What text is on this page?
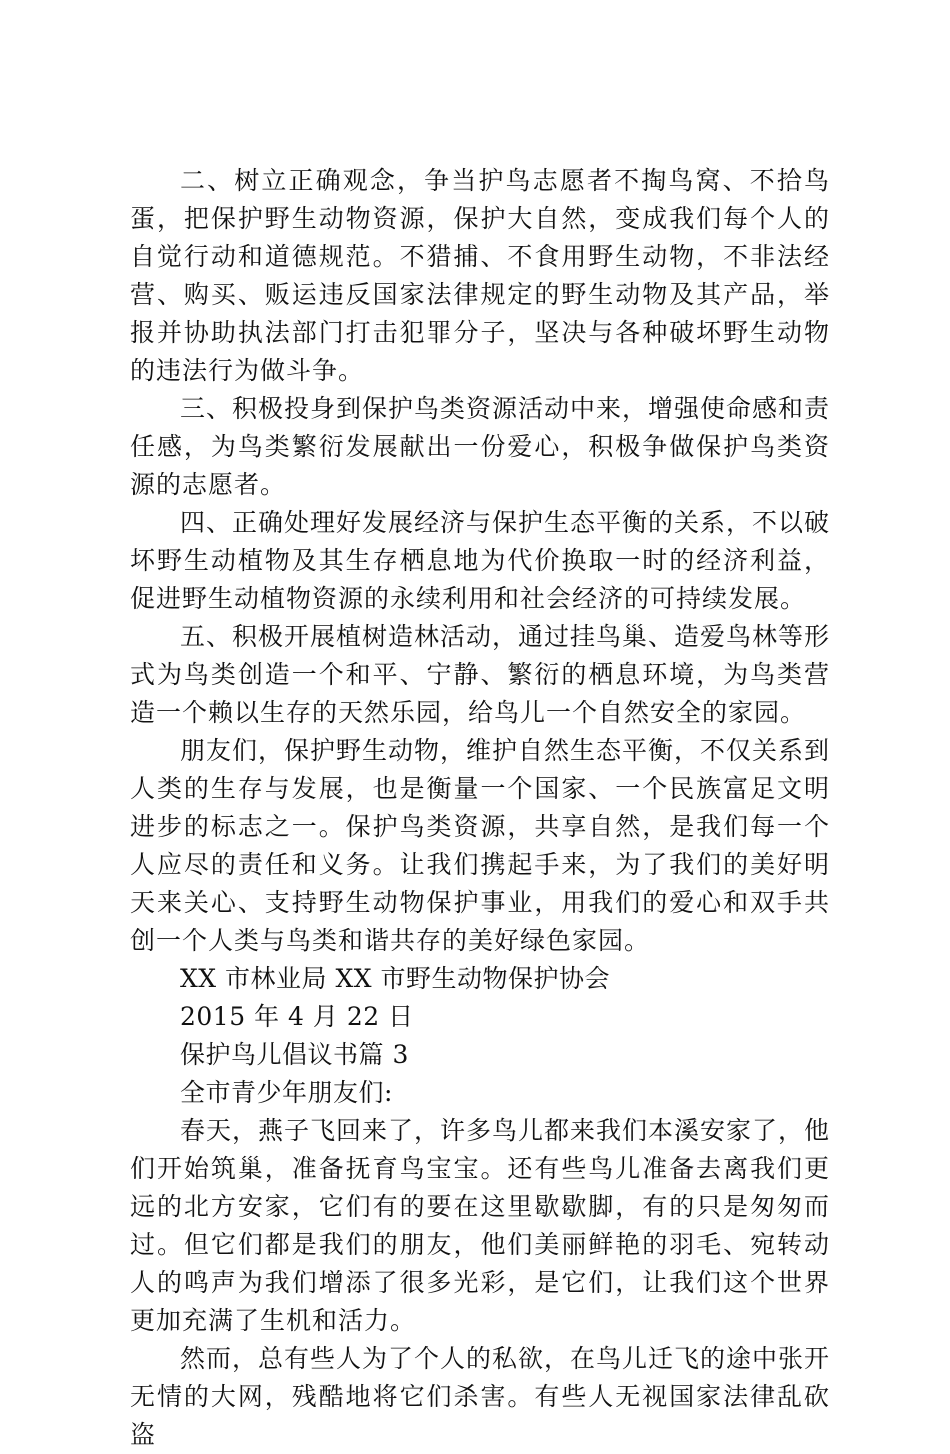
二、树立正确观念，争当护鸟志愿者不掏鸟窝、不拾鸟蛋，把保护野生动物资源，保护大自然，变成我们每个人的自觉行动和道德规范。不猎捕、不食用野生动物，不非法经营、购买、贩运违反国家法律规定的野生动物及其产品，举报并协助执法部门打击犯罪分子，坚决与各种破坏野生动物的违法行为做斗争。

三、积极投身到保护鸟类资源活动中来，增强使命感和责任感，为鸟类繁衍发展献出一份爱心，积极争做保护鸟类资源的志愿者。

四、正确处理好发展经济与保护生态平衡的关系，不以破坏野生动植物及其生存栖息地为代价换取一时的经济利益，促进野生动植物资源的永续利用和社会经济的可持续发展。

五、积极开展植树造林活动，通过挂鸟巢、造爱鸟林等形式为鸟类创造一个和平、宁静、繁衍的栖息环境，为鸟类营造一个赖以生存的天然乐园，给鸟儿一个自然安全的家园。

朋友们，保护野生动物，维护自然生态平衡，不仅关系到人类的生存与发展，也是衡量一个国家、一个民族富足文明进步的标志之一。保护鸟类资源，共享自然，是我们每一个人应尽的责任和义务。让我们携起手来，为了我们的美好明天来关心、支持野生动物保护事业，用我们的爱心和双手共创一个人类与鸟类和谐共存的美好绿色家园。

XX 市林业局 XX 市野生动物保护协会

2015 年 4 月 22 日

保护鸟儿倡议书篇 3

全市青少年朋友们:

春天，燕子飞回来了，许多鸟儿都来我们本溪安家了，他们开始筑巢，准备抚育鸟宝宝。还有些鸟儿准备去离我们更远的北方安家，它们有的要在这里歇歇脚，有的只是匆匆而过。但它们都是我们的朋友，他们美丽鲜艳的羽毛、宛转动人的鸣声为我们增添了很多光彩，是它们，让我们这个世界更加充满了生机和活力。

然而，总有些人为了个人的私欲，在鸟儿迁飞的途中张开无情的大网，残酷地将它们杀害。有些人无视国家法律乱砍盗
